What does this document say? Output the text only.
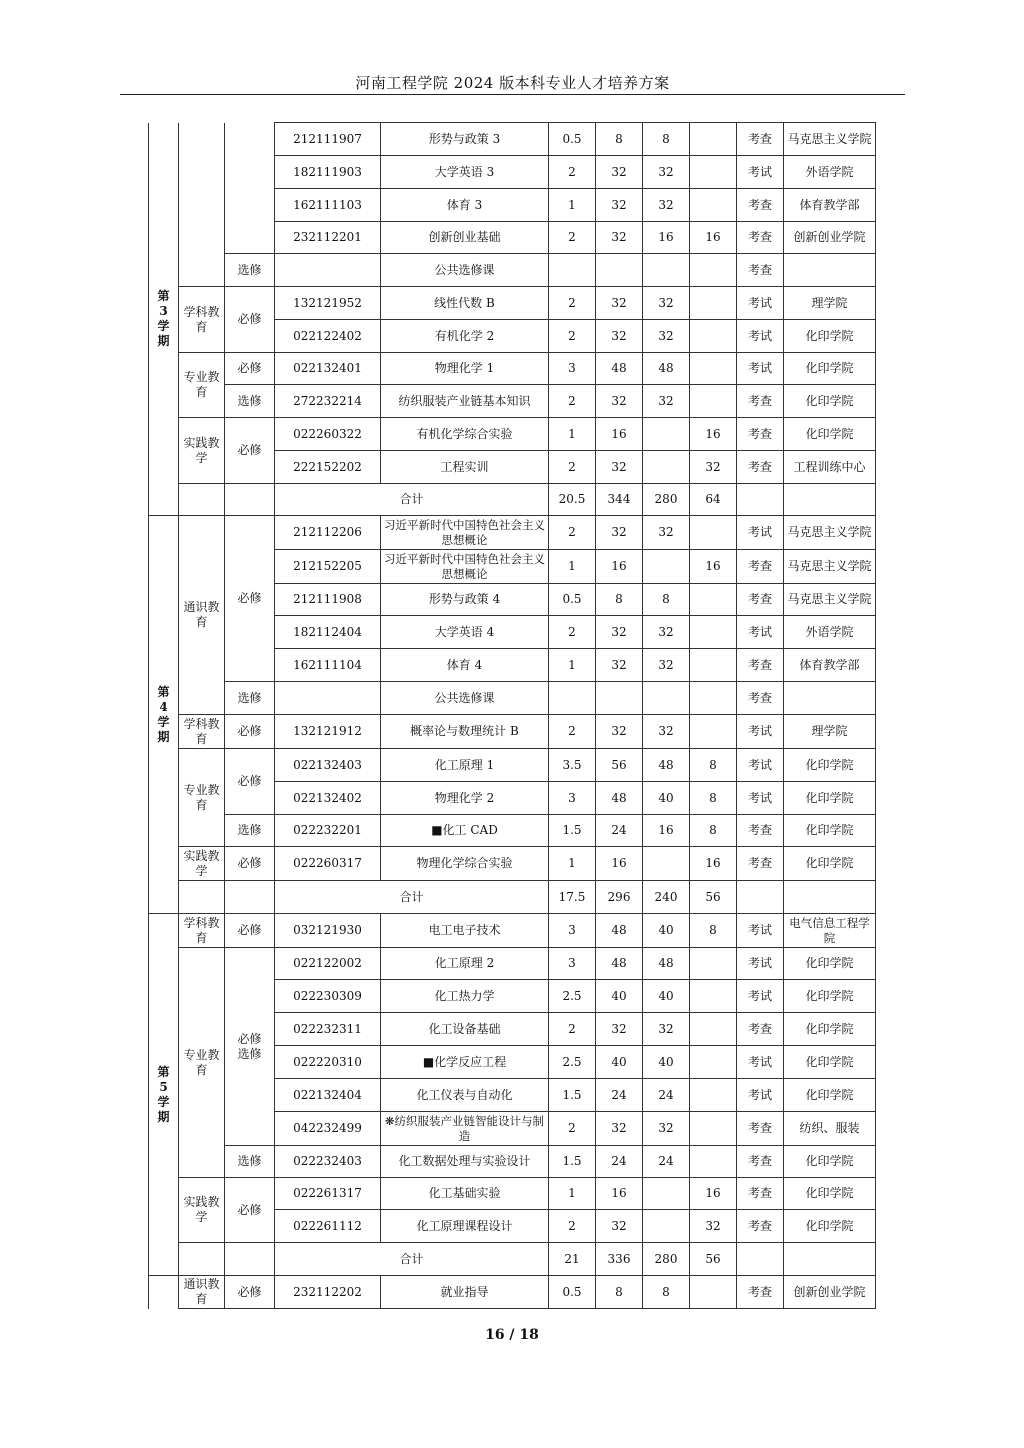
河南工程学院 2024 版本科专业人才培养方案
第
3
学
期			212111907	形势与政策 3	0.5	8	8		考查	马克思主义学院
			182111903	大学英语 3	2	32	32		考试	外语学院
			162111103	体育 3	1	32	32		考查	体育教学部
			232112201	创新创业基础	2	32	16	16	考查	创新创业学院
		选修		公共选修课					考查	
	学科教育	必修	132121952	线性代数 B	2	32	32		考试	理学院
			022122402	有机化学 2	2	32	32		考试	化印学院
	专业教育	必修	022132401	物理化学 1	3	48	48		考试	化印学院
		选修	272232214	纺织服装产业链基本知识	2	32	32		考查	化印学院
	实践教学	必修	022260322	有机化学综合实验	1	16		16	考查	化印学院
			222152202	工程实训	2	32		32	考查	工程训练中心
			合计		20.5	344	280	64		

第
4
学
期	通识教育	必修	212112206	习近平新时代中国特色社会主义思想概论	2	32	32		考试	马克思主义学院
			212152205	习近平新时代中国特色社会主义思想概论	1	16		16	考查	马克思主义学院
			212111908	形势与政策 4	0.5	8	8		考查	马克思主义学院
			182112404	大学英语 4	2	32	32		考试	外语学院
			162111104	体育 4	1	32	32		考查	体育教学部
		选修		公共选修课					考查	
	学科教育	必修	132121912	概率论与数理统计 B	2	32	32		考试	理学院
	专业教育	必修	022132403	化工原理 1	3.5	56	48	8	考试	化印学院
			022132402	物理化学 2	3	48	40	8	考试	化印学院
		选修	022232201	■化工 CAD	1.5	24	16	8	考查	化印学院
	实践教学	必修	022260317	物理化学综合实验	1	16		16	考查	化印学院
			合计		17.5	296	240	56		

第
5
学
期	学科教育	必修	032121930	电工电子技术	3	48	40	8	考试	电气信息工程学院
	专业教育	必修选修	022122002	化工原理 2	3	48	48		考试	化印学院
			022230309	化工热力学	2.5	40	40		考试	化印学院
			022232311	化工设备基础	2	32	32		考查	化印学院
			022220310	■化学反应工程	2.5	40	40		考试	化印学院
			022132404	化工仪表与自动化	1.5	24	24		考试	化印学院
			042232499	❋纺织服装产业链智能设计与制造	2	32	32		考查	纺织、服装
		选修	022232403	化工数据处理与实验设计	1.5	24	24		考查	化印学院
	实践教学	必修	022261317	化工基础实验	1	16		16	考查	化印学院
			022261112	化工原理课程设计	2	32		32	考查	化印学院
			合计		21	336	280	56		
	通识教育	必修	232112202	就业指导	0.5	8	8		考查	创新创业学院
16 / 18
